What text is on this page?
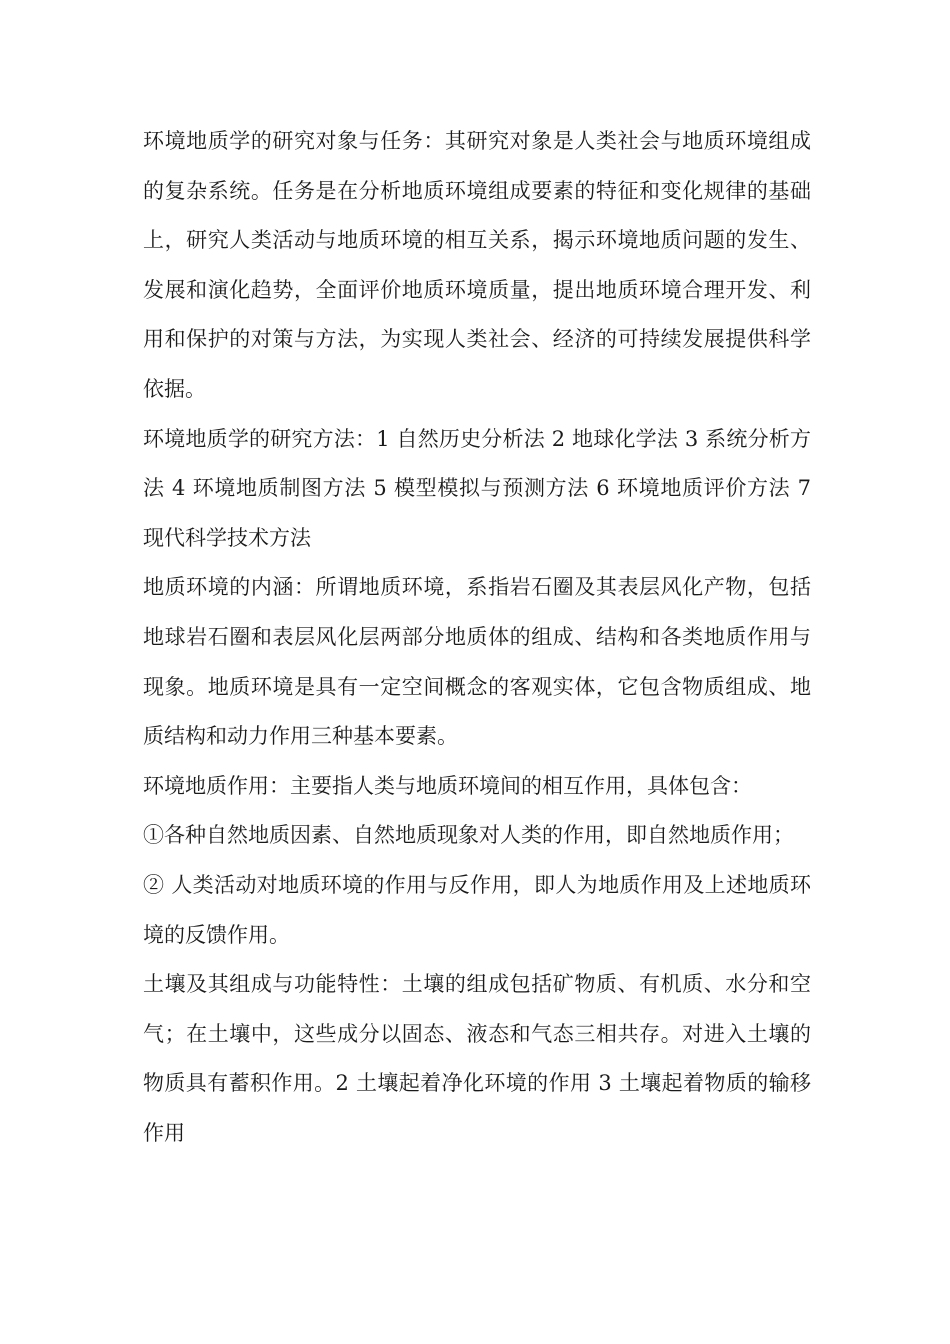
环境地质学的研究对象与任务：其研究对象是人类社会与地质环境组成的复杂系统。任务是在分析地质环境组成要素的特征和变化规律的基础上，研究人类活动与地质环境的相互关系，揭示环境地质问题的发生、发展和演化趋势，全面评价地质环境质量，提出地质环境合理开发、利用和保护的对策与方法，为实现人类社会、经济的可持续发展提供科学依据。

环境地质学的研究方法：1 自然历史分析法 2 地球化学法 3 系统分析方法 4 环境地质制图方法 5 模型模拟与预测方法 6 环境地质评价方法 7 现代科学技术方法

地质环境的内涵：所谓地质环境，系指岩石圈及其表层风化产物，包括地球岩石圈和表层风化层两部分地质体的组成、结构和各类地质作用与现象。地质环境是具有一定空间概念的客观实体，它包含物质组成、地质结构和动力作用三种基本要素。

环境地质作用：主要指人类与地质环境间的相互作用，具体包含：

①各种自然地质因素、自然地质现象对人类的作用，即自然地质作用；

② 人类活动对地质环境的作用与反作用，即人为地质作用及上述地质环境的反馈作用。

土壤及其组成与功能特性：土壤的组成包括矿物质、有机质、水分和空气；在土壤中，这些成分以固态、液态和气态三相共存。对进入土壤的物质具有蓄积作用。2 土壤起着净化环境的作用 3 土壤起着物质的输移作用
